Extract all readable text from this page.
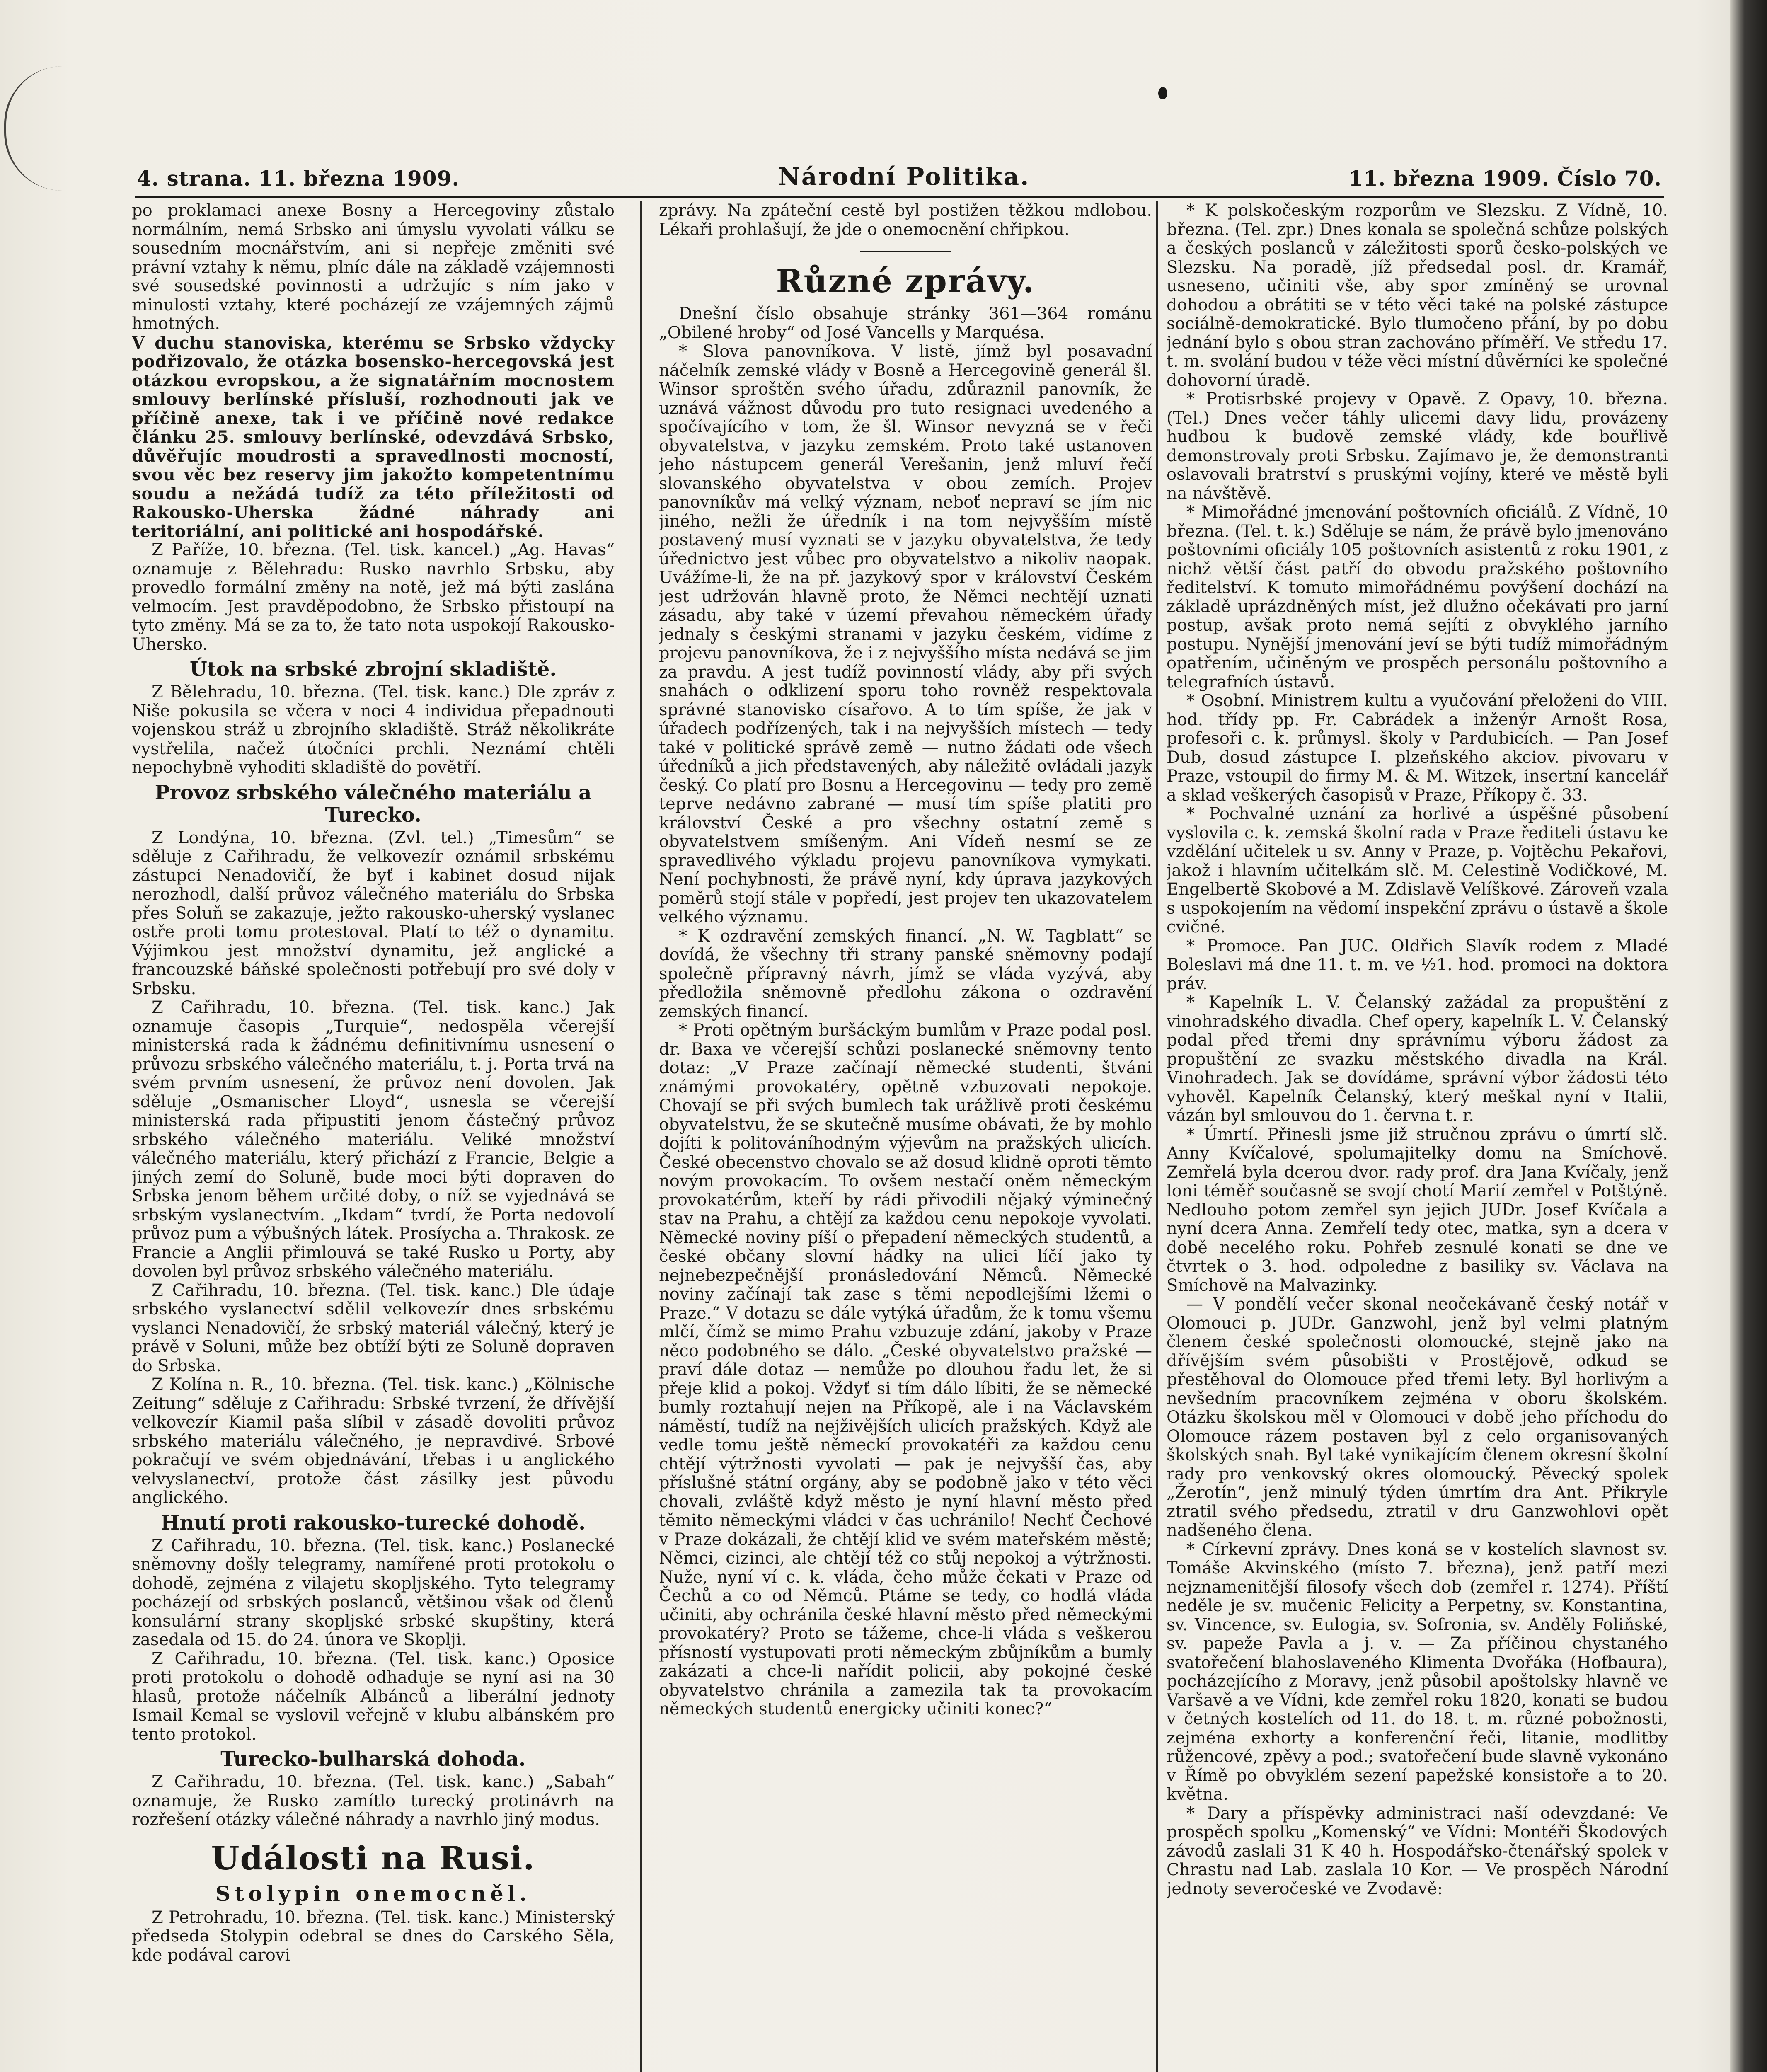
4. strana. 11. března 1909.	Národní Politika.	11. března 1909. Číslo 70.

po proklamaci anexe Bosny a Hercegoviny zůstalo normálním, nemá Srbsko ani úmyslu vyvolati válku se sousedním mocnářstvím, ani si nepřeje změniti své právní vztahy k němu, plníc dále na základě vzájemnosti své sousedské povinnosti a udržujíc s ním jako v minulosti vztahy, které pocházejí ze vzájemných zájmů hmotných.

V duchu stanoviska, kterému se Srbsko vždycky podřizovalo, že otázka bosensko-hercegovská jest otázkou evropskou, a že signatářním mocnostem smlouvy berlínské přísluší, rozhodnouti jak ve příčině anexe, tak i ve příčině nové redakce článku 25. smlouvy berlínské, odevzdává Srbsko, důvěřujíc moudrosti a spravedlnosti mocností, svou věc bez reservy jim jakožto kompetentnímu soudu a nežádá tudíž za této příležitosti od Rakousko-Uherska žádné náhrady ani teritoriální, ani politické ani hospodářské.

Z Paříže, 10. března. (Tel. tisk. kancel.) „Ag. Havas“ oznamuje z Bělehradu: Rusko navrhlo Srbsku, aby provedlo formální změny na notě, jež má býti zaslána velmocím. Jest pravděpodobno, že Srbsko přistoupí na tyto změny. Má se za to, že tato nota uspokojí Rakousko-Uhersko.

Útok na srbské zbrojní skladiště.

Z Bělehradu, 10. března. (Tel. tisk. kanc.) Dle zpráv z Niše pokusila se včera v noci 4 individua přepadnouti vojenskou stráž u zbrojního skladiště. Stráž několikráte vystřelila, načež útočníci prchli. Neznámí chtěli nepochybně vyhoditi skladiště do povětří.

Provoz srbského válečného materiálu a Turecko.

Z Londýna, 10. března. (Zvl. tel.) „Timesům“ se sděluje z Cařihradu, že velkovezír oznámil srbskému zástupci Nenadovičí, že byť i kabinet dosud nijak nerozhodl, další průvoz válečného materiálu do Srbska přes Soluň se zakazuje, ježto rakousko-uherský vyslanec ostře proti tomu protestoval. Platí to též o dynamitu. Výjimkou jest množství dynamitu, jež anglické a francouzské báňské společnosti potřebují pro své doly v Srbsku.

Z Cařihradu, 10. března. (Tel. tisk. kanc.) Jak oznamuje časopis „Turquie“, nedospěla včerejší ministerská rada k žádnému definitivnímu usnesení o průvozu srbského válečného materiálu, t. j. Porta trvá na svém prvním usnesení, že průvoz není dovolen. Jak sděluje „Osmanischer Lloyd“, usnesla se včerejší ministerská rada připustiti jenom částečný průvoz srbského válečného materiálu. Veliké množství válečného materiálu, který přichází z Francie, Belgie a jiných zemí do Soluně, bude moci býti dopraven do Srbska jenom během určité doby, o níž se vyjednává se srbským vyslanectvím. „Ikdam“ tvrdí, že Porta nedovolí průvoz pum a výbušných látek. Prosíycha a. Thrakosk. ze Francie a Anglii přimlouvá se také Rusko u Porty, aby dovolen byl průvoz srbského válečného materiálu.

Z Cařihradu, 10. března. (Tel. tisk. kanc.) Dle údaje srbského vyslanectví sdělil velkovezír dnes srbskému vyslanci Nenadovičí, že srbský materiál válečný, který je právě v Soluni, může bez obtíží býti ze Soluně dopraven do Srbska.

Z Kolína n. R., 10. března. (Tel. tisk. kanc.) „Kölnische Zeitung“ sděluje z Cařihradu: Srbské tvrzení, že dřívější velkovezír Kiamil paša slíbil v zásadě dovoliti průvoz srbského materiálu válečného, je nepravdivé. Srbové pokračují ve svém objednávání, třebas i u anglického velvyslanectví, protože část zásilky jest původu anglického.

Hnutí proti rakousko-turecké dohodě.

Z Cařihradu, 10. března. (Tel. tisk. kanc.) Poslanecké sněmovny došly telegramy, namířené proti protokolu o dohodě, zejména z vilajetu skopljského. Tyto telegramy pocházejí od srbských poslanců, většinou však od členů konsulární strany skopljské srbské skupštiny, která zasedala od 15. do 24. února ve Skoplji.

Z Cařihradu, 10. března. (Tel. tisk. kanc.) Oposice proti protokolu o dohodě odhaduje se nyní asi na 30 hlasů, protože náčelník Albánců a liberální jednoty Ismail Kemal se vyslovil veřejně v klubu albánském pro tento protokol.

Turecko-bulharská dohoda.

Z Cařihradu, 10. března. (Tel. tisk. kanc.) „Sabah“ oznamuje, že Rusko zamítlo turecký protinávrh na rozřešení otázky válečné náhrady a navrhlo jiný modus.

Události na Rusi.
Stolypin onemocněl.

Z Petrohradu, 10. března. (Tel. tisk. kanc.) Ministerský předseda Stolypin odebral se dnes do Carského Sěla, kde podával carovi

zprávy. Na zpáteční cestě byl postižen těžkou mdlobou. Lékaři prohlašují, že jde o onemocnění chřipkou.

Různé zprávy.

Dnešní číslo obsahuje stránky 361—364 románu „Obilené hroby“ od José Vancells y Marquésa.

* Slova panovníkova. V listě, jímž byl posavadní náčelník zemské vlády v Bosně a Hercegovině generál šl. Winsor sproštěn svého úřadu, zdůraznil panovník, že uznává vážnost důvodu pro tuto resignaci uvedeného a spočívajícího v tom, že šl. Winsor nevyzná se v řeči obyvatelstva, v jazyku zemském. Proto také ustanoven jeho nástupcem generál Verešanin, jenž mluví řečí slovanského obyvatelstva v obou zemích. Projev panovníkův má velký význam, neboť nepraví se jím nic jiného, nežli že úředník i na tom nejvyšším místě postavený musí vyznati se v jazyku obyvatelstva, že tedy úřednictvo jest vůbec pro obyvatelstvo a nikoliv naopak. Uvážíme-li, že na př. jazykový spor v království Českém jest udržován hlavně proto, že Němci nechtějí uznati zásadu, aby také v území převahou německém úřady jednaly s českými stranami v jazyku českém, vidíme z projevu panovníkova, že i z nejvyššího místa nedává se jim za pravdu. A jest tudíž povinností vlády, aby při svých snahách o odklizení sporu toho rovněž respektovala správné stanovisko císařovo. A to tím spíše, že jak v úřadech podřízených, tak i na nejvyšších místech — tedy také v politické správě země — nutno žádati ode všech úředníků a jich představených, aby náležitě ovládali jazyk český. Co platí pro Bosnu a Hercegovinu — tedy pro země teprve nedávno zabrané — musí tím spíše platiti pro království České a pro všechny ostatní země s obyvatelstvem smíšeným. Ani Vídeň nesmí se ze spravedlivého výkladu projevu panovníkova vymykati. Není pochybnosti, že právě nyní, kdy úprava jazykových poměrů stojí stále v popředí, jest projev ten ukazovatelem velkého významu.

* K ozdravění zemských financí. „N. W. Tagblatt“ se dovídá, že všechny tři strany panské sněmovny podají společně přípravný návrh, jímž se vláda vyzývá, aby předložila sněmovně předlohu zákona o ozdravění zemských financí.

* Proti opětným buršáckým bumlům v Praze podal posl. dr. Baxa ve včerejší schůzi poslanecké sněmovny tento dotaz: „V Praze začínají německé studenti, štváni známými provokatéry, opětně vzbuzovati nepokoje. Chovají se při svých bumlech tak urážlivě proti českému obyvatelstvu, že se skutečně musíme obávati, že by mohlo dojíti k politováníhodným výjevům na pražských ulicích. České obecenstvo chovalo se až dosud klidně oproti těmto novým provokacím. To ovšem nestačí oněm německým provokatérům, kteří by rádi přivodili nějaký výminečný stav na Prahu, a chtějí za každou cenu nepokoje vyvolati. Německé noviny píší o přepadení německých studentů, a české občany slovní hádky na ulici líčí jako ty nejnebezpečnější pronásledování Němců. Německé noviny začínají tak zase s těmi nepodlejšími lžemi o Praze.“ V dotazu se dále vytýká úřadům, že k tomu všemu mlčí, čímž se mimo Prahu vzbuzuje zdání, jakoby v Praze něco podobného se dálo. „České obyvatelstvo pražské — praví dále dotaz — nemůže po dlouhou řadu let, že si přeje klid a pokoj. Vždyť si tím dálo líbiti, že se německé bumly roztahují nejen na Příkopě, ale i na Václavském náměstí, tudíž na nejživějších ulicích pražských. Když ale vedle tomu ještě německí provokatéři za každou cenu chtějí výtržnosti vyvolati — pak je nejvyšší čas, aby příslušné státní orgány, aby se podobně jako v této věci chovali, zvláště když město je nyní hlavní město před těmito německými vládci v čas uchránilo! Nechť Čechové v Praze dokázali, že chtějí klid ve svém mateřském městě; Němci, cizinci, ale chtějí též co stůj nepokoj a výtržnosti. Nuže, nyní ví c. k. vláda, čeho může čekati v Praze od Čechů a co od Němců. Ptáme se tedy, co hodlá vláda učiniti, aby ochránila české hlavní město před německými provokatéry? Proto se tážeme, chce-li vláda s veškerou přísností vystupovati proti německým zbůjníkům a bumly zakázati a chce-li nařídit policii, aby pokojné české obyvatelstvo chránila a zamezila tak ta provokacím německých studentů energicky učiniti konec?“

* K polskočeským rozporům ve Slezsku. Z Vídně, 10. března. (Tel. zpr.) Dnes konala se společná schůze polských a českých poslanců v záležitosti sporů česko-polských ve Slezsku. Na poradě, jíž předsedal posl. dr. Kramář, usneseno, učiniti vše, aby spor zmíněný se urovnal dohodou a obrátiti se v této věci také na polské zástupce sociálně-demokratické. Bylo tlumočeno přání, by po dobu jednání bylo s obou stran zachováno příměří. Ve středu 17. t. m. svolání budou v téže věci místní důvěrníci ke společné dohovorní úradě.

* Protisrbské projevy v Opavě. Z Opavy, 10. března. (Tel.) Dnes večer táhly ulicemi davy lidu, provázeny hudbou k budově zemské vlády, kde bouřlivě demonstrovaly proti Srbsku. Zajímavo je, že demonstranti oslavovali bratrství s pruskými vojíny, které ve městě byli na návštěvě.

* Mimořádné jmenování poštovních oficiálů. Z Vídně, 10 března. (Tel. t. k.) Sděluje se nám, že právě bylo jmenováno poštovními oficiály 105 poštovních asistentů z roku 1901, z nichž větší část patří do obvodu pražského poštovního ředitelství. K tomuto mimořádnému povýšení dochází na základě uprázdněných míst, jež dlužno očekávati pro jarní postup, avšak proto nemá sejíti z obvyklého jarního postupu. Nynější jmenování jeví se býti tudíž mimořádným opatřením, učiněným ve prospěch personálu poštovního a telegrafních ústavů.

* Osobní. Ministrem kultu a vyučování přeloženi do VIII. hod. třídy pp. Fr. Cabrádek a inženýr Arnošt Rosa, profesoři c. k. průmysl. školy v Pardubicích. — Pan Josef Dub, dosud zástupce I. plzeňského akciov. pivovaru v Praze, vstoupil do firmy M. & M. Witzek, insertní kancelář a sklad veškerých časopisů v Praze, Příkopy č. 33.

* Pochvalné uznání za horlivé a úspěšné působení vyslovila c. k. zemská školní rada v Praze řediteli ústavu ke vzdělání učitelek u sv. Anny v Praze, p. Vojtěchu Pekařovi, jakož i hlavním učitelkám slč. M. Celestině Vodičkové, M. Engelbertě Skobové a M. Zdislavě Velíškové. Zároveň vzala s uspokojením na vědomí inspekční zprávu o ústavě a škole cvičné.

* Promoce. Pan JUC. Oldřich Slavík rodem z Mladé Boleslavi má dne 11. t. m. ve ½1. hod. promoci na doktora práv.

* Kapelník L. V. Čelanský zažádal za propuštění z vinohradského divadla. Chef opery, kapelník L. V. Čelanský podal před třemi dny správnímu výboru žádost za propuštění ze svazku městského divadla na Král. Vinohradech. Jak se dovídáme, správní výbor žádosti této vyhověl. Kapelník Čelanský, který meškal nyní v Italii, vázán byl smlouvou do 1. června t. r.

* Úmrtí. Přinesli jsme již stručnou zprávu o úmrtí slč. Anny Kvíčalové, spolumajitelky domu na Smíchově. Zemřelá byla dcerou dvor. rady prof. dra Jana Kvíčaly, jenž loni téměř současně se svojí chotí Marií zemřel v Potštýně. Nedlouho potom zemřel syn jejich JUDr. Josef Kvíčala a nyní dcera Anna. Zemřelí tedy otec, matka, syn a dcera v době necelého roku. Pohřeb zesnulé konati se dne ve čtvrtek o 3. hod. odpoledne z basiliky sv. Václava na Smíchově na Malvazinky.

— V pondělí večer skonal neočekávaně český notář v Olomouci p. JUDr. Ganzwohl, jenž byl velmi platným členem české společnosti olomoucké, stejně jako na dřívějším svém působišti v Prostějově, odkud se přestěhoval do Olomouce před třemi lety. Byl horlivým a nevšedním pracovníkem zejména v oboru školském. Otázku školskou měl v Olomouci v době jeho příchodu do Olomouce rázem postaven byl z celo organisovaných školských snah. Byl také vynikajícím členem okresní školní rady pro venkovský okres olomoucký. Pěvecký spolek „Žerotín“, jenž minulý týden úmrtím dra Ant. Přikryle ztratil svého předsedu, ztratil v dru Ganzwohlovi opět nadšeného člena.

* Církevní zprávy. Dnes koná se v kostelích slavnost sv. Tomáše Akvinského (místo 7. března), jenž patří mezi nejznamenitější filosofy všech dob (zemřel r. 1274). Příští neděle je sv. mučenic Felicity a Perpetny, sv. Konstantina, sv. Vincence, sv. Eulogia, sv. Sofronia, sv. Anděly Foliňské, sv. papeže Pavla a j. v. — Za příčinou chystaného svatořečení blahoslaveného Klimenta Dvořáka (Hofbaura), pocházejícího z Moravy, jenž působil apoštolsky hlavně ve Varšavě a ve Vídni, kde zemřel roku 1820, konati se budou v četných kostelích od 11. do 18. t. m. různé pobožnosti, zejména exhorty a konferenční řeči, litanie, modlitby růžencové, zpěvy a pod.; svatořečení bude slavně vykonáno v Římě po obvyklém sezení papežské konsistoře a to 20. května.

* Dary a příspěvky administraci naší odevzdané: Ve prospěch spolku „Komenský“ ve Vídni: Montéři Škodových závodů zaslali 31 K 40 h. Hospodářsko-čtenářský spolek v Chrastu nad Lab. zaslala 10 Kor. — Ve prospěch Národní jednoty severočeské ve Zvodavě:
